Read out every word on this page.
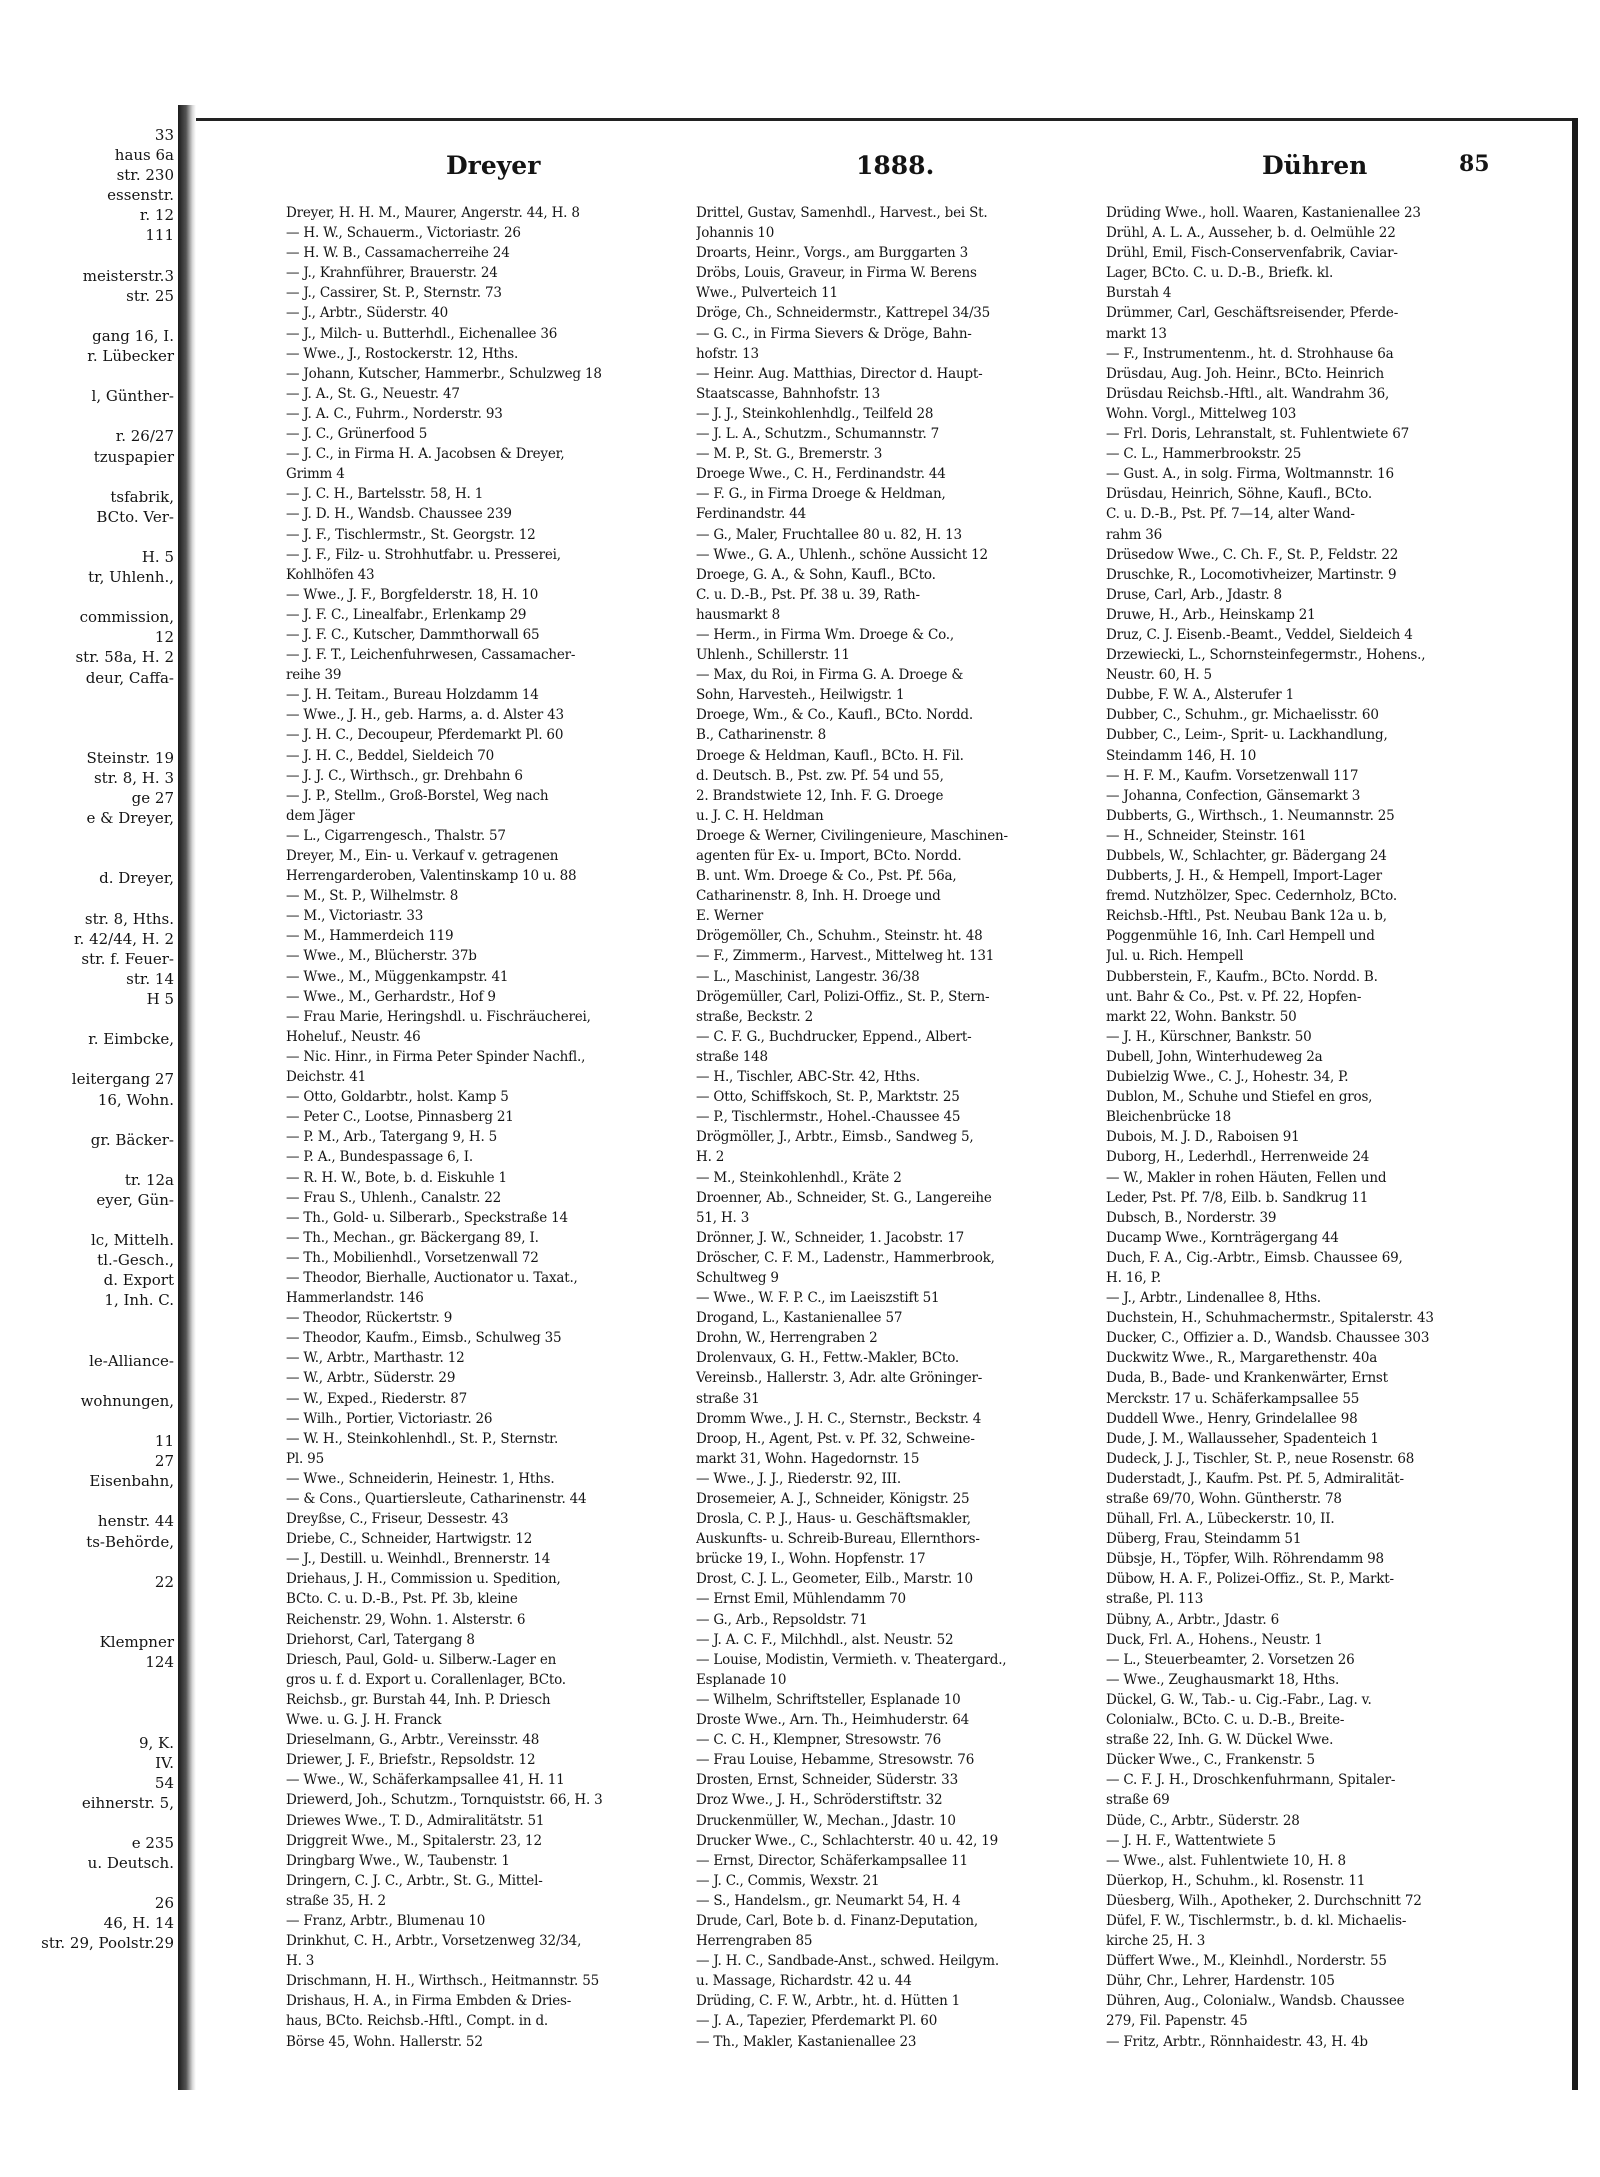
33
haus 6a
str. 230
essenstr.
r. 12
111
meisterstr.3
str. 25
gang 16, I.
r. Lübecker
l, Günther-
r. 26/27
tzuspapier
tsfabrik,
BCto. Ver-
H. 5
tr, Uhlenh.,
commission,
12
str. 58a, H. 2
deur, Caffa-
Steinstr. 19
str. 8, H. 3
ge 27
e & Dreyer,
d. Dreyer,
str. 8, Hths.
r. 42/44, H. 2
str. f. Feuer-
str. 14
H 5
r. Eimbcke,
leitergang 27
16, Wohn.
gr. Bäcker-
tr. 12a
eyer, Gün-
lc, Mittelh.
tl.-Gesch.,
d. Export
1, Inh. C.
le-Alliance-
wohnungen,
11
27
Eisenbahn,
henstr. 44
ts-Behörde,
22
Klempner
124
9, K.
IV.
54
eihnerstr. 5,
e 235
u. Deutsch.
26
46, H. 14
str. 29, Poolstr.29
Dreyer	1888.	Dühren	85
Dreyer, H. H. M., Maurer, Angerstr. 44, H. 8
— H. W., Schauerm., Victoriastr. 26
— H. W. B., Cassamacherreihe 24
— J., Krahnführer, Brauerstr. 24
— J., Cassirer, St. P., Sternstr. 73
— J., Arbtr., Süderstr. 40
— J., Milch- u. Butterhdl., Eichenallee 36
— Wwe., J., Rostockerstr. 12, Hths.
— Johann, Kutscher, Hammerbr., Schulzweg 18
— J. A., St. G., Neuestr. 47
— J. A. C., Fuhrm., Norderstr. 93
— J. C., Grünerfood 5
— J. C., in Firma H. A. Jacobsen & Dreyer,
Grimm 4
— J. C. H., Bartelsstr. 58, H. 1
— J. D. H., Wandsb. Chaussee 239
— J. F., Tischlermstr., St. Georgstr. 12
— J. F., Filz- u. Strohhutfabr. u. Presserei,
Kohlhöfen 43
— Wwe., J. F., Borgfelderstr. 18, H. 10
— J. F. C., Linealfabr., Erlenkamp 29
— J. F. C., Kutscher, Dammthorwall 65
— J. F. T., Leichenfuhrwesen, Cassamacher-
reihe 39
— J. H. Teitam., Bureau Holzdamm 14
— Wwe., J. H., geb. Harms, a. d. Alster 43
— J. H. C., Decoupeur, Pferdemarkt Pl. 60
— J. H. C., Beddel, Sieldeich 70
— J. J. C., Wirthsch., gr. Drehbahn 6
— J. P., Stellm., Groß-Borstel, Weg nach
dem Jäger
— L., Cigarrengesch., Thalstr. 57
Dreyer, M., Ein- u. Verkauf v. getragenen
Herrengarderoben, Valentinskamp 10 u. 88
— M., St. P., Wilhelmstr. 8
— M., Victoriastr. 33
— M., Hammerdeich 119
— Wwe., M., Blücherstr. 37b
— Wwe., M., Müggenkampstr. 41
— Wwe., M., Gerhardstr., Hof 9
— Frau Marie, Heringshdl. u. Fischräucherei,
Hoheluf., Neustr. 46
— Nic. Hinr., in Firma Peter Spinder Nachfl.,
Deichstr. 41
— Otto, Goldarbtr., holst. Kamp 5
— Peter C., Lootse, Pinnasberg 21
— P. M., Arb., Tatergang 9, H. 5
— P. A., Bundespassage 6, I.
— R. H. W., Bote, b. d. Eiskuhle 1
— Frau S., Uhlenh., Canalstr. 22
— Th., Gold- u. Silberarb., Speckstraße 14
— Th., Mechan., gr. Bäckergang 89, I.
— Th., Mobilienhdl., Vorsetzenwall 72
— Theodor, Bierhalle, Auctionator u. Taxat.,
Hammerlandstr. 146
— Theodor, Rückertstr. 9
— Theodor, Kaufm., Eimsb., Schulweg 35
— W., Arbtr., Marthastr. 12
— W., Arbtr., Süderstr. 29
— W., Exped., Riederstr. 87
— Wilh., Portier, Victoriastr. 26
— W. H., Steinkohlenhdl., St. P., Sternstr.
Pl. 95
— Wwe., Schneiderin, Heinestr. 1, Hths.
— & Cons., Quartiersleute, Catharinenstr. 44
Dreyßse, C., Friseur, Dessestr. 43
Driebe, C., Schneider, Hartwigstr. 12
— J., Destill. u. Weinhdl., Brennerstr. 14
Driehaus, J. H., Commission u. Spedition,
BCto. C. u. D.-B., Pst. Pf. 3b, kleine
Reichenstr. 29, Wohn. 1. Alsterstr. 6
Driehorst, Carl, Tatergang 8
Driesch, Paul, Gold- u. Silberw.-Lager en
gros u. f. d. Export u. Corallenlager, BCto.
Reichsb., gr. Burstah 44, Inh. P. Driesch
Wwe. u. G. J. H. Franck
Drieselmann, G., Arbtr., Vereinsstr. 48
Driewer, J. F., Briefstr., Repsoldstr. 12
— Wwe., W., Schäferkampsallee 41, H. 11
Driewerd, Joh., Schutzm., Tornquiststr. 66, H. 3
Driewes Wwe., T. D., Admiralitätstr. 51
Driggreit Wwe., M., Spitalerstr. 23, 12
Dringbarg Wwe., W., Taubenstr. 1
Dringern, C. J. C., Arbtr., St. G., Mittel-
straße 35, H. 2
— Franz, Arbtr., Blumenau 10
Drinkhut, C. H., Arbtr., Vorsetzenweg 32/34,
H. 3
Drischmann, H. H., Wirthsch., Heitmannstr. 55
Drishaus, H. A., in Firma Embden & Dries-
haus, BCto. Reichsb.-Hftl., Compt. in d.
Börse 45, Wohn. Hallerstr. 52
Drittel, Gustav, Samenhdl., Harvest., bei St.
Johannis 10
Droarts, Heinr., Vorgs., am Burggarten 3
Dröbs, Louis, Graveur, in Firma W. Berens
Wwe., Pulverteich 11
Dröge, Ch., Schneidermstr., Kattrepel 34/35
— G. C., in Firma Sievers & Dröge, Bahn-
hofstr. 13
— Heinr. Aug. Matthias, Director d. Haupt-
Staatscasse, Bahnhofstr. 13
— J. J., Steinkohlenhdlg., Teilfeld 28
— J. L. A., Schutzm., Schumannstr. 7
— M. P., St. G., Bremerstr. 3
Droege Wwe., C. H., Ferdinandstr. 44
— F. G., in Firma Droege & Heldman,
Ferdinandstr. 44
— G., Maler, Fruchtallee 80 u. 82, H. 13
— Wwe., G. A., Uhlenh., schöne Aussicht 12
Droege, G. A., & Sohn, Kaufl., BCto.
C. u. D.-B., Pst. Pf. 38 u. 39, Rath-
hausmarkt 8
— Herm., in Firma Wm. Droege & Co.,
Uhlenh., Schillerstr. 11
— Max, du Roi, in Firma G. A. Droege &
Sohn, Harvesteh., Heilwigstr. 1
Droege, Wm., & Co., Kaufl., BCto. Nordd.
B., Catharinenstr. 8
Droege & Heldman, Kaufl., BCto. H. Fil.
d. Deutsch. B., Pst. zw. Pf. 54 und 55,
2. Brandstwiete 12, Inh. F. G. Droege
u. J. C. H. Heldman
Droege & Werner, Civilingenieure, Maschinen-
agenten für Ex- u. Import, BCto. Nordd.
B. unt. Wm. Droege & Co., Pst. Pf. 56a,
Catharinenstr. 8, Inh. H. Droege und
E. Werner
Drögemöller, Ch., Schuhm., Steinstr. ht. 48
— F., Zimmerm., Harvest., Mittelweg ht. 131
— L., Maschinist, Langestr. 36/38
Drögemüller, Carl, Polizi-Offiz., St. P., Stern-
straße, Beckstr. 2
— C. F. G., Buchdrucker, Eppend., Albert-
straße 148
— H., Tischler, ABC-Str. 42, Hths.
— Otto, Schiffskoch, St. P., Marktstr. 25
— P., Tischlermstr., Hohel.-Chaussee 45
Drögmöller, J., Arbtr., Eimsb., Sandweg 5,
H. 2
— M., Steinkohlenhdl., Kräte 2
Droenner, Ab., Schneider, St. G., Langereihe
51, H. 3
Drönner, J. W., Schneider, 1. Jacobstr. 17
Dröscher, C. F. M., Ladenstr., Hammerbrook,
Schultweg 9
— Wwe., W. F. P. C., im Laeiszstift 51
Drogand, L., Kastanienallee 57
Drohn, W., Herrengraben 2
Drolenvaux, G. H., Fettw.-Makler, BCto.
Vereinsb., Hallerstr. 3, Adr. alte Gröninger-
straße 31
Dromm Wwe., J. H. C., Sternstr., Beckstr. 4
Droop, H., Agent, Pst. v. Pf. 32, Schweine-
markt 31, Wohn. Hagedornstr. 15
— Wwe., J. J., Riederstr. 92, III.
Drosemeier, A. J., Schneider, Königstr. 25
Drosla, C. P. J., Haus- u. Geschäftsmakler,
Auskunfts- u. Schreib-Bureau, Ellernthors-
brücke 19, I., Wohn. Hopfenstr. 17
Drost, C. J. L., Geometer, Eilb., Marstr. 10
— Ernst Emil, Mühlendamm 70
— G., Arb., Repsoldstr. 71
— J. A. C. F., Milchhdl., alst. Neustr. 52
— Louise, Modistin, Vermieth. v. Theatergard.,
Esplanade 10
— Wilhelm, Schriftsteller, Esplanade 10
Droste Wwe., Arn. Th., Heimhuderstr. 64
— C. C. H., Klempner, Stresowstr. 76
— Frau Louise, Hebamme, Stresowstr. 76
Drosten, Ernst, Schneider, Süderstr. 33
Droz Wwe., J. H., Schröderstiftstr. 32
Druckenmüller, W., Mechan., Jdastr. 10
Drucker Wwe., C., Schlachterstr. 40 u. 42, 19
— Ernst, Director, Schäferkampsallee 11
— J. C., Commis, Wexstr. 21
— S., Handelsm., gr. Neumarkt 54, H. 4
Drude, Carl, Bote b. d. Finanz-Deputation,
Herrengraben 85
— J. H. C., Sandbade-Anst., schwed. Heilgym.
u. Massage, Richardstr. 42 u. 44
Drüding, C. F. W., Arbtr., ht. d. Hütten 1
— J. A., Tapezier, Pferdemarkt Pl. 60
— Th., Makler, Kastanienallee 23
Drüding Wwe., holl. Waaren, Kastanienallee 23
Drühl, A. L. A., Ausseher, b. d. Oelmühle 22
Drühl, Emil, Fisch-Conservenfabrik, Caviar-
Lager, BCto. C. u. D.-B., Briefk. kl.
Burstah 4
Drümmer, Carl, Geschäftsreisender, Pferde-
markt 13
— F., Instrumentenm., ht. d. Strohhause 6a
Drüsdau, Aug. Joh. Heinr., BCto. Heinrich
Drüsdau Reichsb.-Hftl., alt. Wandrahm 36,
Wohn. Vorgl., Mittelweg 103
— Frl. Doris, Lehranstalt, st. Fuhlentwiete 67
— C. L., Hammerbrookstr. 25
— Gust. A., in solg. Firma, Woltmannstr. 16
Drüsdau, Heinrich, Söhne, Kaufl., BCto.
C. u. D.-B., Pst. Pf. 7—14, alter Wand-
rahm 36
Drüsedow Wwe., C. Ch. F., St. P., Feldstr. 22
Druschke, R., Locomotivheizer, Martinstr. 9
Druse, Carl, Arb., Jdastr. 8
Druwe, H., Arb., Heinskamp 21
Druz, C. J. Eisenb.-Beamt., Veddel, Sieldeich 4
Drzewiecki, L., Schornsteinfegermstr., Hohens.,
Neustr. 60, H. 5
Dubbe, F. W. A., Alsterufer 1
Dubber, C., Schuhm., gr. Michaelisstr. 60
Dubber, C., Leim-, Sprit- u. Lackhandlung,
Steindamm 146, H. 10
— H. F. M., Kaufm. Vorsetzenwall 117
— Johanna, Confection, Gänsemarkt 3
Dubberts, G., Wirthsch., 1. Neumannstr. 25
— H., Schneider, Steinstr. 161
Dubbels, W., Schlachter, gr. Bädergang 24
Dubberts, J. H., & Hempell, Import-Lager
fremd. Nutzhölzer, Spec. Cedernholz, BCto.
Reichsb.-Hftl., Pst. Neubau Bank 12a u. b,
Poggenmühle 16, Inh. Carl Hempell und
Jul. u. Rich. Hempell
Dubberstein, F., Kaufm., BCto. Nordd. B.
unt. Bahr & Co., Pst. v. Pf. 22, Hopfen-
markt 22, Wohn. Bankstr. 50
— J. H., Kürschner, Bankstr. 50
Dubell, John, Winterhudeweg 2a
Dubielzig Wwe., C. J., Hohestr. 34, P.
Dublon, M., Schuhe und Stiefel en gros,
Bleichenbrücke 18
Dubois, M. J. D., Raboisen 91
Duborg, H., Lederhdl., Herrenweide 24
— W., Makler in rohen Häuten, Fellen und
Leder, Pst. Pf. 7/8, Eilb. b. Sandkrug 11
Dubsch, B., Norderstr. 39
Ducamp Wwe., Kornträgergang 44
Duch, F. A., Cig.-Arbtr., Eimsb. Chaussee 69,
H. 16, P.
— J., Arbtr., Lindenallee 8, Hths.
Duchstein, H., Schuhmachermstr., Spitalerstr. 43
Ducker, C., Offizier a. D., Wandsb. Chaussee 303
Duckwitz Wwe., R., Margarethenstr. 40a
Duda, B., Bade- und Krankenwärter, Ernst
Merckstr. 17 u. Schäferkampsallee 55
Duddell Wwe., Henry, Grindelallee 98
Dude, J. M., Wallausseher, Spadenteich 1
Dudeck, J. J., Tischler, St. P., neue Rosenstr. 68
Duderstadt, J., Kaufm. Pst. Pf. 5, Admiralität-
straße 69/70, Wohn. Güntherstr. 78
Dühall, Frl. A., Lübeckerstr. 10, II.
Düberg, Frau, Steindamm 51
Dübsje, H., Töpfer, Wilh. Röhrendamm 98
Dübow, H. A. F., Polizei-Offiz., St. P., Markt-
straße, Pl. 113
Dübny, A., Arbtr., Jdastr. 6
Duck, Frl. A., Hohens., Neustr. 1
— L., Steuerbeamter, 2. Vorsetzen 26
— Wwe., Zeughausmarkt 18, Hths.
Dückel, G. W., Tab.- u. Cig.-Fabr., Lag. v.
Colonialw., BCto. C. u. D.-B., Breite-
straße 22, Inh. G. W. Dückel Wwe.
Dücker Wwe., C., Frankenstr. 5
— C. F. J. H., Droschkenfuhrmann, Spitaler-
straße 69
Düde, C., Arbtr., Süderstr. 28
— J. H. F., Wattentwiete 5
— Wwe., alst. Fuhlentwiete 10, H. 8
Düerkop, H., Schuhm., kl. Rosenstr. 11
Düesberg, Wilh., Apotheker, 2. Durchschnitt 72
Düfel, F. W., Tischlermstr., b. d. kl. Michaelis-
kirche 25, H. 3
Düffert Wwe., M., Kleinhdl., Norderstr. 55
Dühr, Chr., Lehrer, Hardenstr. 105
Dühren, Aug., Colonialw., Wandsb. Chaussee
279, Fil. Papenstr. 45
— Fritz, Arbtr., Rönnhaidestr. 43, H. 4b
